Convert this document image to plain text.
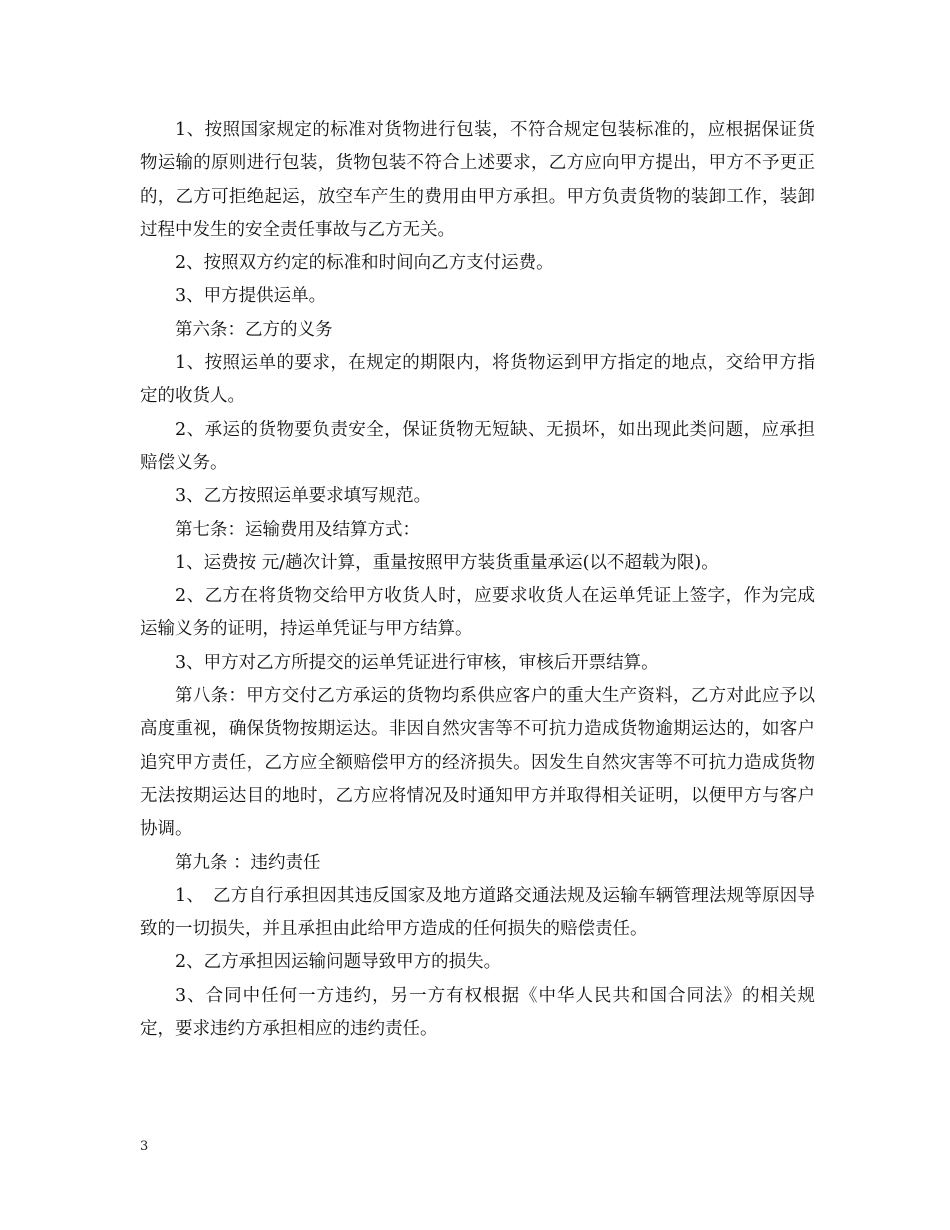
1、按照国家规定的标准对货物进行包装，不符合规定包装标准的，应根据保证货物运输的原则进行包装，货物包装不符合上述要求，乙方应向甲方提出，甲方不予更正的，乙方可拒绝起运，放空车产生的费用由甲方承担。甲方负责货物的装卸工作，装卸过程中发生的安全责任事故与乙方无关。

2、按照双方约定的标准和时间向乙方支付运费。

3、甲方提供运单。

第六条：乙方的义务

1、按照运单的要求，在规定的期限内，将货物运到甲方指定的地点，交给甲方指定的收货人。

2、承运的货物要负责安全，保证货物无短缺、无损坏，如出现此类问题，应承担赔偿义务。

3、乙方按照运单要求填写规范。

第七条：运输费用及结算方式：

1、运费按 元/趟次计算，重量按照甲方装货重量承运(以不超载为限)。

2、乙方在将货物交给甲方收货人时，应要求收货人在运单凭证上签字，作为完成运输义务的证明，持运单凭证与甲方结算。

3、甲方对乙方所提交的运单凭证进行审核，审核后开票结算。

第八条：甲方交付乙方承运的货物均系供应客户的重大生产资料，乙方对此应予以高度重视，确保货物按期运达。非因自然灾害等不可抗力造成货物逾期运达的，如客户追究甲方责任，乙方应全额赔偿甲方的经济损失。因发生自然灾害等不可抗力造成货物无法按期运达目的地时，乙方应将情况及时通知甲方并取得相关证明，以便甲方与客户协调。

第九条 ：违约责任

1、　乙方自行承担因其违反国家及地方道路交通法规及运输车辆管理法规等原因导致的一切损失，并且承担由此给甲方造成的任何损失的赔偿责任。

2、乙方承担因运输问题导致甲方的损失。

3、合同中任何一方违约，另一方有权根据《中华人民共和国合同法》的相关规定，要求违约方承担相应的违约责任。

3
